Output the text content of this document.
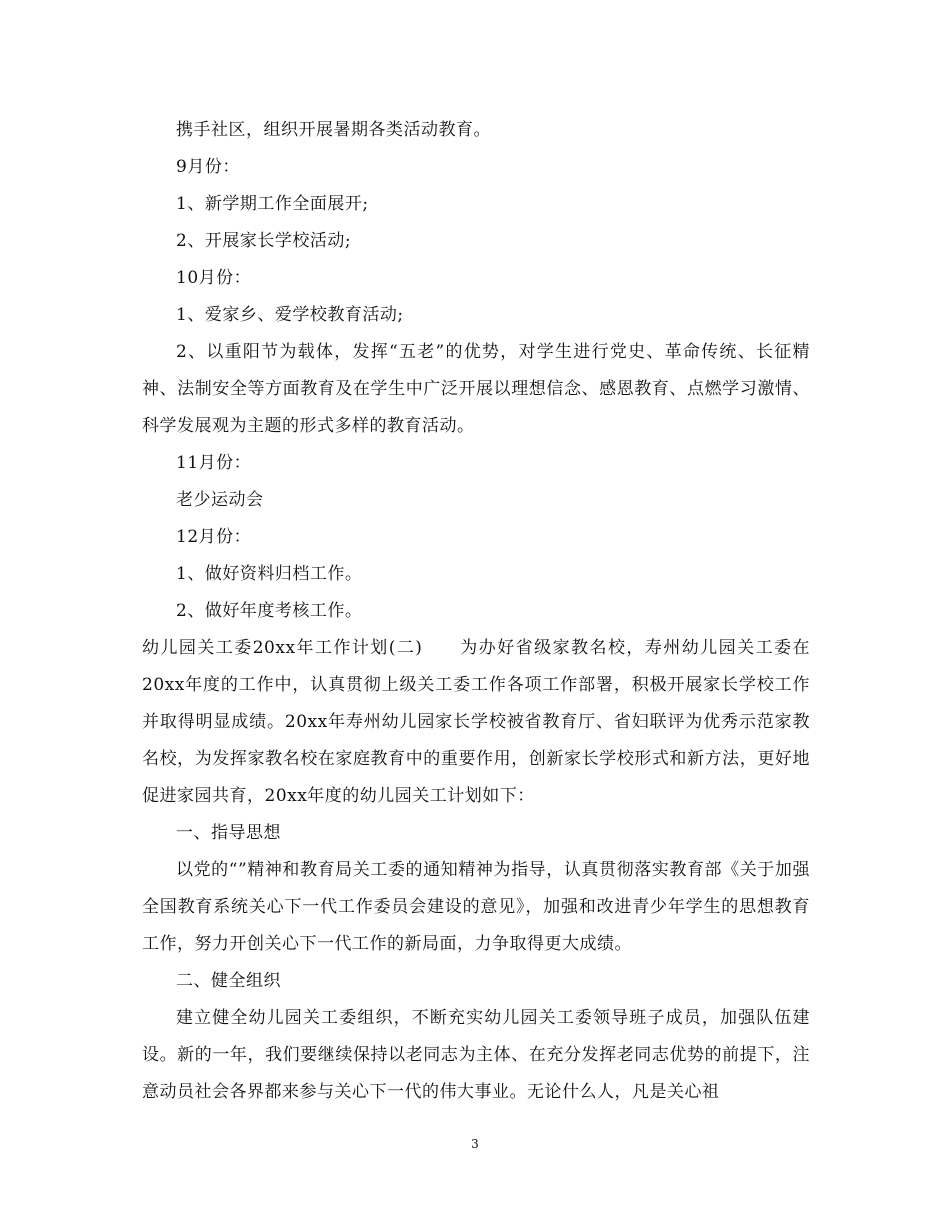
携手社区，组织开展暑期各类活动教育。

9月份：

1、新学期工作全面展开;

2、开展家长学校活动;

10月份：

1、爱家乡、爱学校教育活动;

2、以重阳节为载体，发挥“五老”的优势，对学生进行党史、革命传统、长征精神、法制安全等方面教育及在学生中广泛开展以理想信念、感恩教育、点燃学习激情、科学发展观为主题的形式多样的教育活动。

11月份：

老少运动会

12月份：

1、做好资料归档工作。

2、做好年度考核工作。

幼儿园关工委20xx年工作计划(二)　　为办好省级家教名校，寿州幼儿园关工委在20xx年度的工作中，认真贯彻上级关工委工作各项工作部署，积极开展家长学校工作并取得明显成绩。20xx年寿州幼儿园家长学校被省教育厅、省妇联评为优秀示范家教名校，为发挥家教名校在家庭教育中的重要作用，创新家长学校形式和新方法，更好地促进家园共育，20xx年度的幼儿园关工计划如下：

一、指导思想

以党的“”精神和教育局关工委的通知精神为指导，认真贯彻落实教育部《关于加强全国教育系统关心下一代工作委员会建设的意见》，加强和改进青少年学生的思想教育工作，努力开创关心下一代工作的新局面，力争取得更大成绩。

二、健全组织

建立健全幼儿园关工委组织，不断充实幼儿园关工委领导班子成员，加强队伍建设。新的一年，我们要继续保持以老同志为主体、在充分发挥老同志优势的前提下，注意动员社会各界都来参与关心下一代的伟大事业。无论什么人，凡是关心祖

3
